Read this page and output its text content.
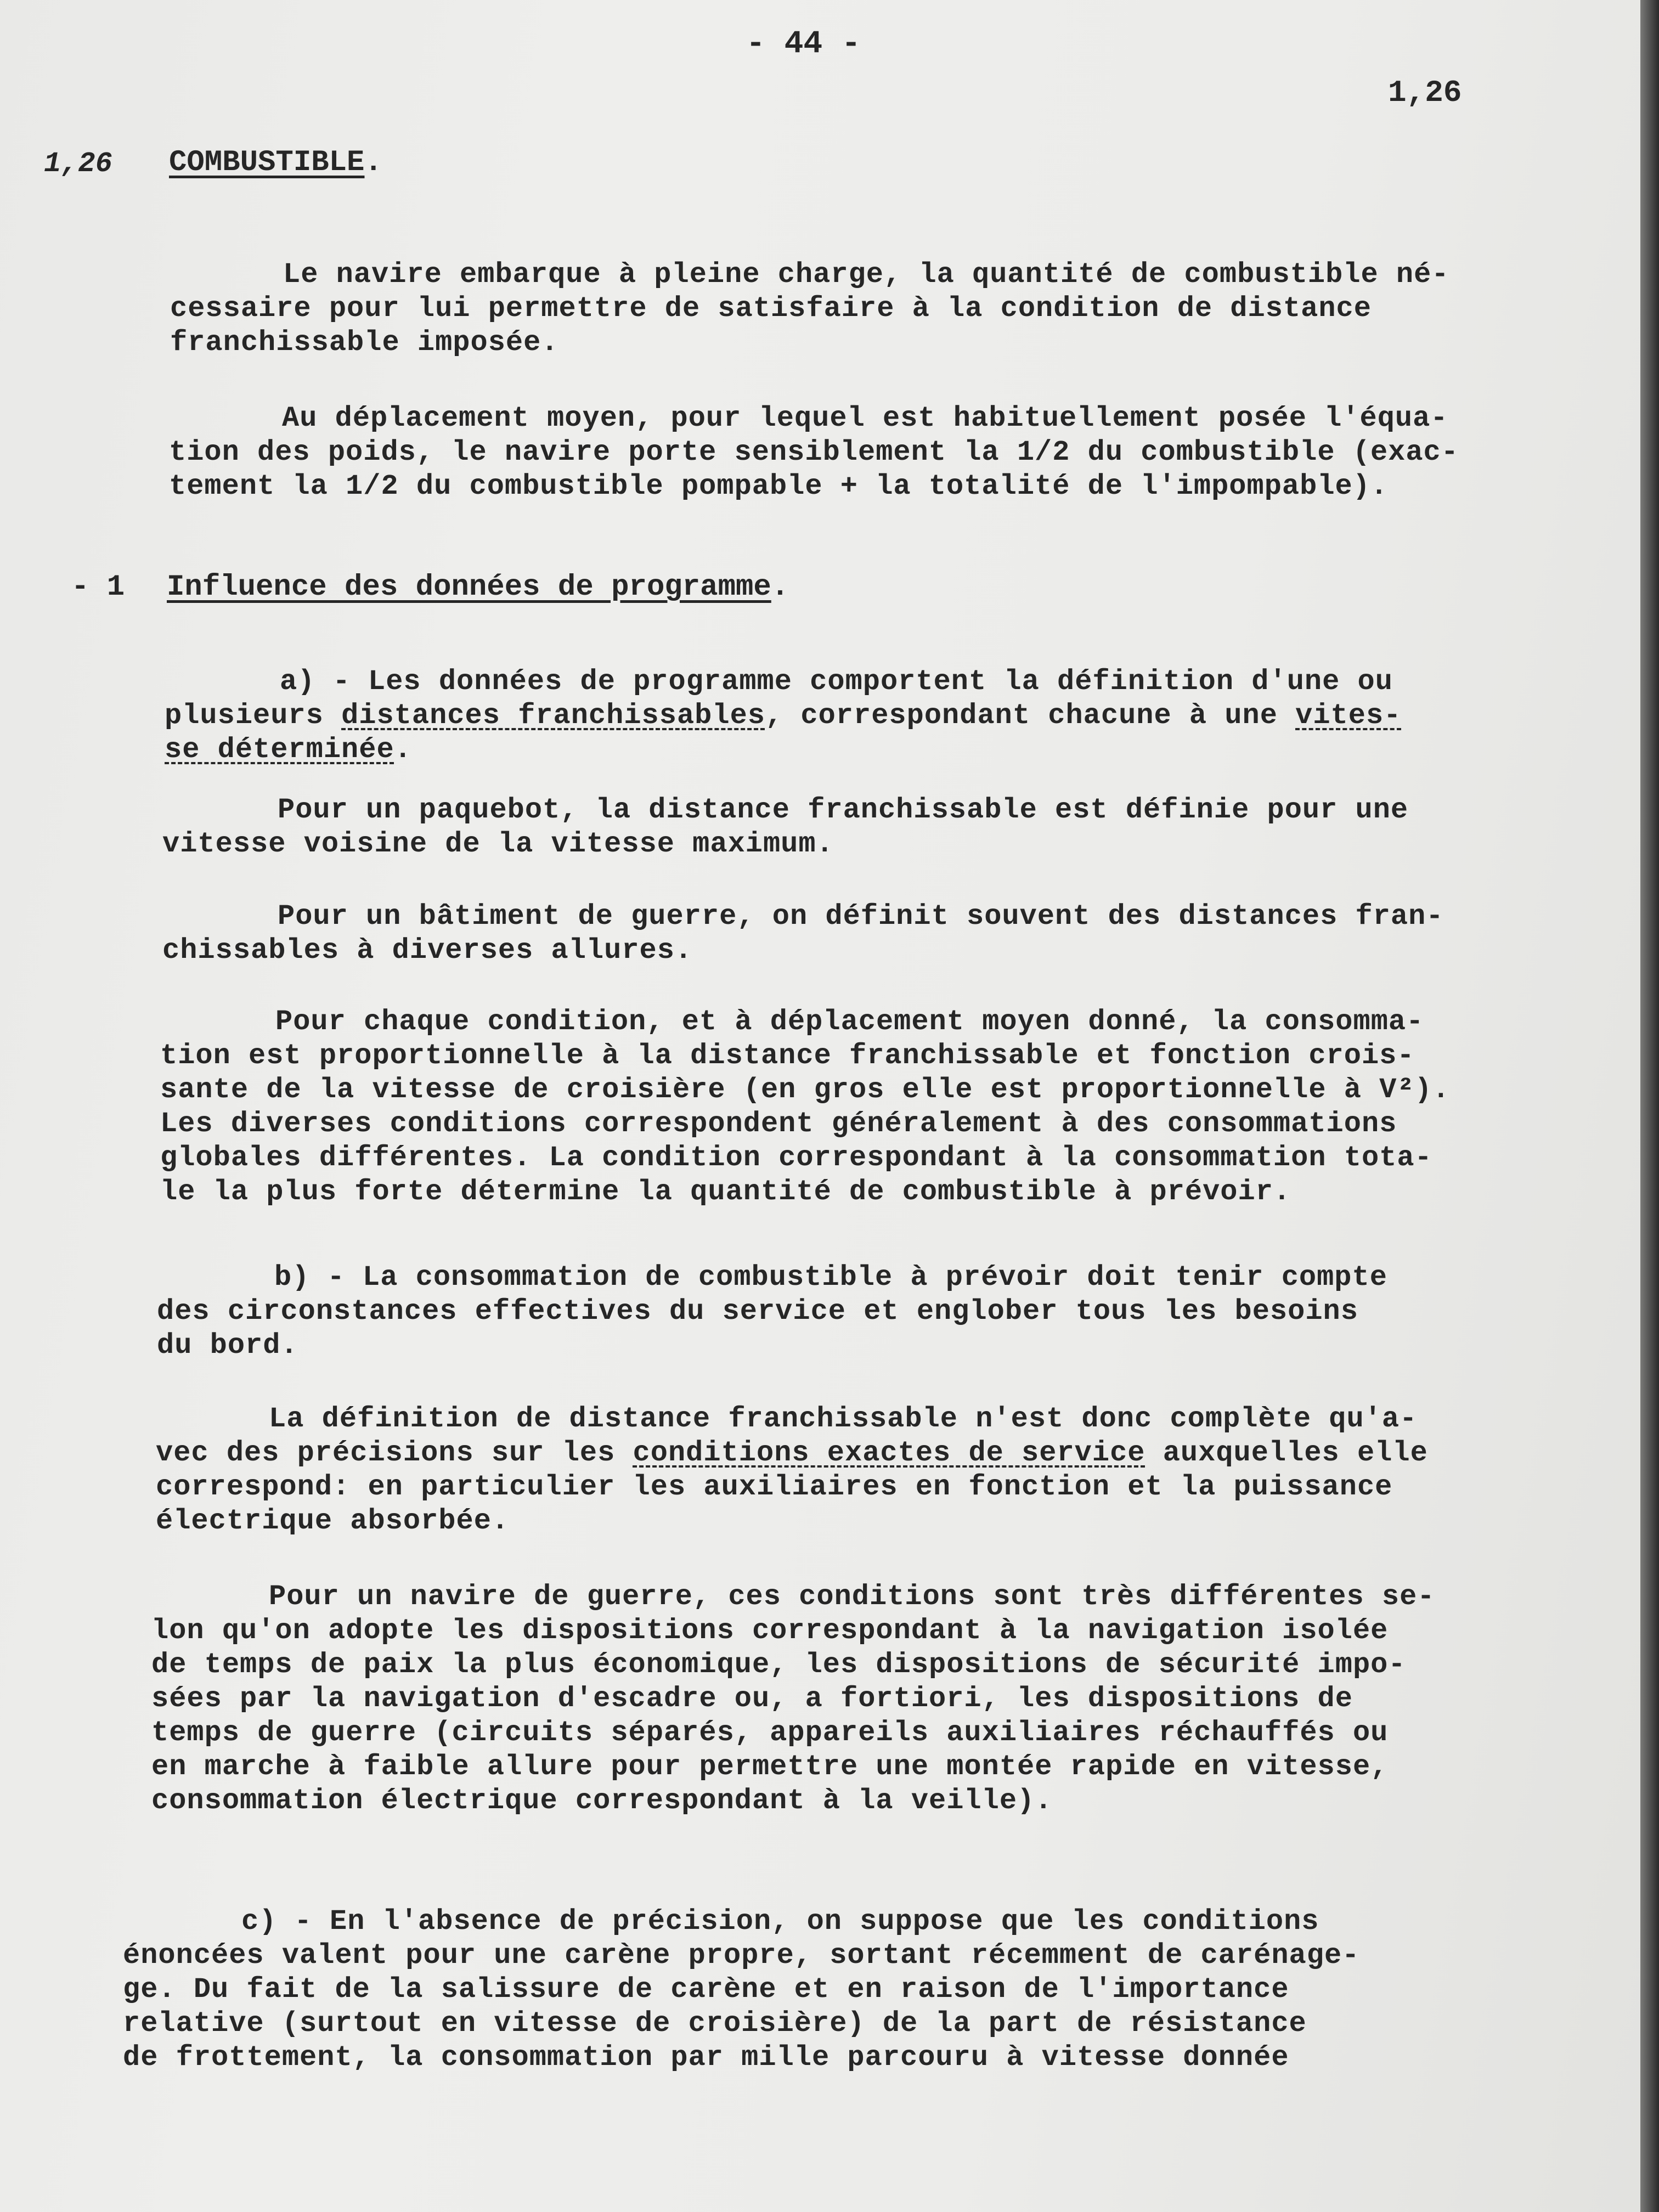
- 44 -
1,26
1,26 COMBUSTIBLE.
Le navire embarque à pleine charge, la quantité de combustible né-
cessaire pour lui permettre de satisfaire à la condition de distance
franchissable imposée.
Au déplacement moyen, pour lequel est habituellement posée l'équa-
tion des poids, le navire porte sensiblement la 1/2 du combustible (exac-
tement la 1/2 du combustible pompable + la totalité de l'impompable).
- 1 Influence des données de programme.
a) - Les données de programme comportent la définition d'une ou
plusieurs distances franchissables, correspondant chacune à une vites-
se déterminée.
Pour un paquebot, la distance franchissable est définie pour une
vitesse voisine de la vitesse maximum.
Pour un bâtiment de guerre, on définit souvent des distances fran-
chissables à diverses allures.
Pour chaque condition, et à déplacement moyen donné, la consomma-
tion est proportionnelle à la distance franchissable et fonction crois-
sante de la vitesse de croisière (en gros elle est proportionnelle à V²).
Les diverses conditions correspondent généralement à des consommations
globales différentes. La condition correspondant à la consommation tota-
le la plus forte détermine la quantité de combustible à prévoir.
b) - La consommation de combustible à prévoir doit tenir compte
des circonstances effectives du service et englober tous les besoins
du bord.
La définition de distance franchissable n'est donc complète qu'a-
vec des précisions sur les conditions exactes de service auxquelles elle
correspond: en particulier les auxiliaires en fonction et la puissance
électrique absorbée.
Pour un navire de guerre, ces conditions sont très différentes se-
lon qu'on adopte les dispositions correspondant à la navigation isolée
de temps de paix la plus économique, les dispositions de sécurité impo-
sées par la navigation d'escadre ou, a fortiori, les dispositions de
temps de guerre (circuits séparés, appareils auxiliaires réchauffés ou
en marche à faible allure pour permettre une montée rapide en vitesse,
consommation électrique correspondant à la veille).
c) - En l'absence de précision, on suppose que les conditions
énoncées valent pour une carène propre, sortant récemment de carénage-
ge. Du fait de la salissure de carène et en raison de l'importance
relative (surtout en vitesse de croisière) de la part de résistance
de frottement, la consommation par mille parcouru à vitesse donnée
